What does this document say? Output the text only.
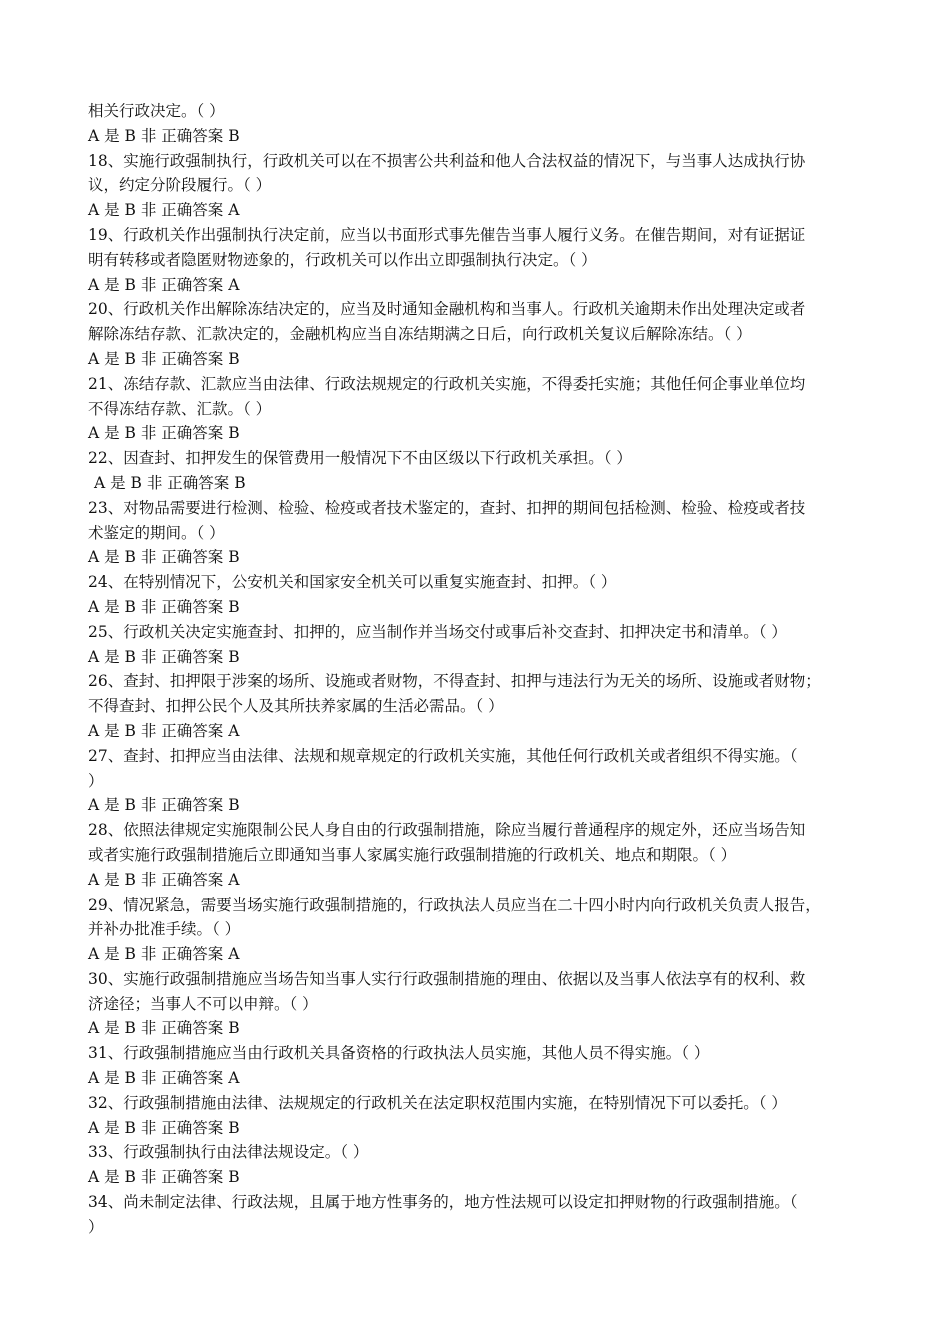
相关行政决定。（ ）
A 是 B 非 正确答案 B
18、实施行政强制执行，行政机关可以在不损害公共利益和他人合法权益的情况下，与当事人达成执行协
议，约定分阶段履行。（ ）
A 是 B 非 正确答案 A
19、行政机关作出强制执行决定前，应当以书面形式事先催告当事人履行义务。在催告期间，对有证据证
明有转移或者隐匿财物迹象的，行政机关可以作出立即强制执行决定。（ ）
A 是 B 非 正确答案 A
20、行政机关作出解除冻结决定的，应当及时通知金融机构和当事人。行政机关逾期未作出处理决定或者
解除冻结存款、汇款决定的，金融机构应当自冻结期满之日后，向行政机关复议后解除冻结。（ ）
A 是 B 非 正确答案 B
21、冻结存款、汇款应当由法律、行政法规规定的行政机关实施，不得委托实施；其他任何企事业单位均
不得冻结存款、汇款。（ ）
A 是 B 非 正确答案 B
22、因查封、扣押发生的保管费用一般情况下不由区级以下行政机关承担。（ ）
A 是 B 非 正确答案 B
23、对物品需要进行检测、检验、检疫或者技术鉴定的，查封、扣押的期间包括检测、检验、检疫或者技
术鉴定的期间。（ ）
A 是 B 非 正确答案 B
24、在特别情况下，公安机关和国家安全机关可以重复实施查封、扣押。（ ）
A 是 B 非 正确答案 B
25、行政机关决定实施查封、扣押的，应当制作并当场交付或事后补交查封、扣押决定书和清单。（ ）
A 是 B 非 正确答案 B
26、查封、扣押限于涉案的场所、设施或者财物，不得查封、扣押与违法行为无关的场所、设施或者财物；
不得查封、扣押公民个人及其所扶养家属的生活必需品。（ ）
A 是 B 非 正确答案 A
27、查封、扣押应当由法律、法规和规章规定的行政机关实施，其他任何行政机关或者组织不得实施。（
）
A 是 B 非 正确答案 B
28、依照法律规定实施限制公民人身自由的行政强制措施，除应当履行普通程序的规定外，还应当场告知
或者实施行政强制措施后立即通知当事人家属实施行政强制措施的行政机关、地点和期限。（ ）
A 是 B 非 正确答案 A
29、情况紧急，需要当场实施行政强制措施的，行政执法人员应当在二十四小时内向行政机关负责人报告，
并补办批准手续。（ ）
A 是 B 非 正确答案 A
30、实施行政强制措施应当场告知当事人实行行政强制措施的理由、依据以及当事人依法享有的权利、救
济途径；当事人不可以申辩。（ ）
A 是 B 非 正确答案 B
31、行政强制措施应当由行政机关具备资格的行政执法人员实施，其他人员不得实施。（ ）
A 是 B 非 正确答案 A
32、行政强制措施由法律、法规规定的行政机关在法定职权范围内实施，在特别情况下可以委托。（ ）
A 是 B 非 正确答案 B
33、行政强制执行由法律法规设定。（ ）
A 是 B 非 正确答案 B
34、尚未制定法律、行政法规，且属于地方性事务的，地方性法规可以设定扣押财物的行政强制措施。（
）
